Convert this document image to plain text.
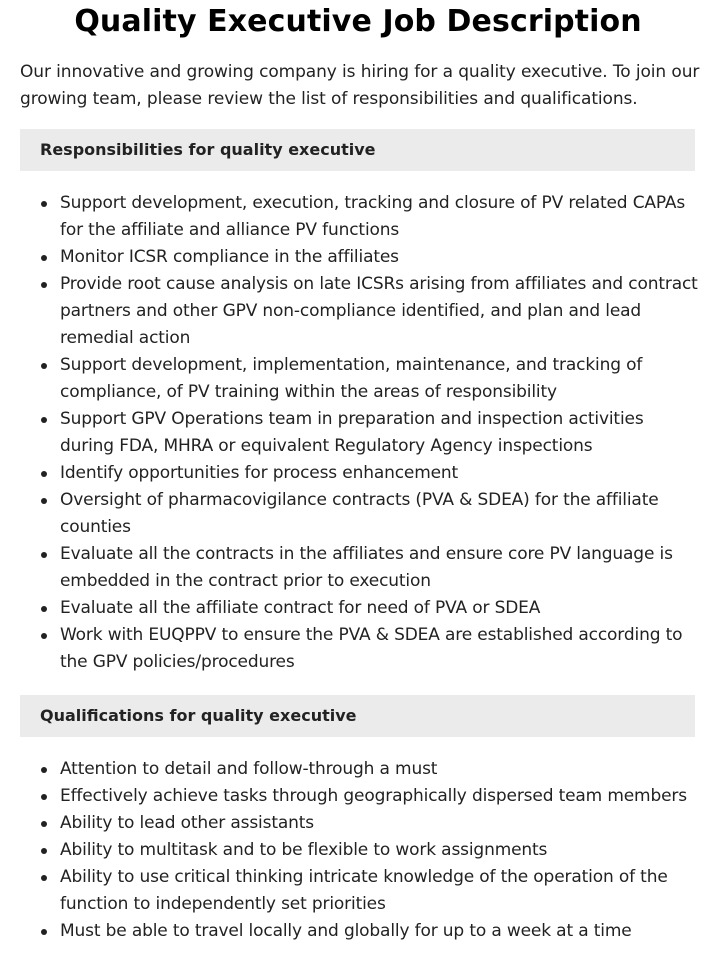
Quality Executive Job Description

Our innovative and growing company is hiring for a quality executive. To join our growing team, please review the list of responsibilities and qualifications.

Responsibilities for quality executive
Support development, execution, tracking and closure of PV related CAPAs for the affiliate and alliance PV functions
Monitor ICSR compliance in the affiliates
Provide root cause analysis on late ICSRs arising from affiliates and contract partners and other GPV non-compliance identified, and plan and lead remedial action
Support development, implementation, maintenance, and tracking of compliance, of PV training within the areas of responsibility
Support GPV Operations team in preparation and inspection activities during FDA, MHRA or equivalent Regulatory Agency inspections
Identify opportunities for process enhancement
Oversight of pharmacovigilance contracts (PVA & SDEA) for the affiliate counties
Evaluate all the contracts in the affiliates and ensure core PV language is embedded in the contract prior to execution
Evaluate all the affiliate contract for need of PVA or SDEA
Work with EUQPPV to ensure the PVA & SDEA are established according to the GPV policies/procedures
Qualifications for quality executive
Attention to detail and follow-through a must
Effectively achieve tasks through geographically dispersed team members
Ability to lead other assistants
Ability to multitask and to be flexible to work assignments
Ability to use critical thinking intricate knowledge of the operation of the function to independently set priorities
Must be able to travel locally and globally for up to a week at a time
